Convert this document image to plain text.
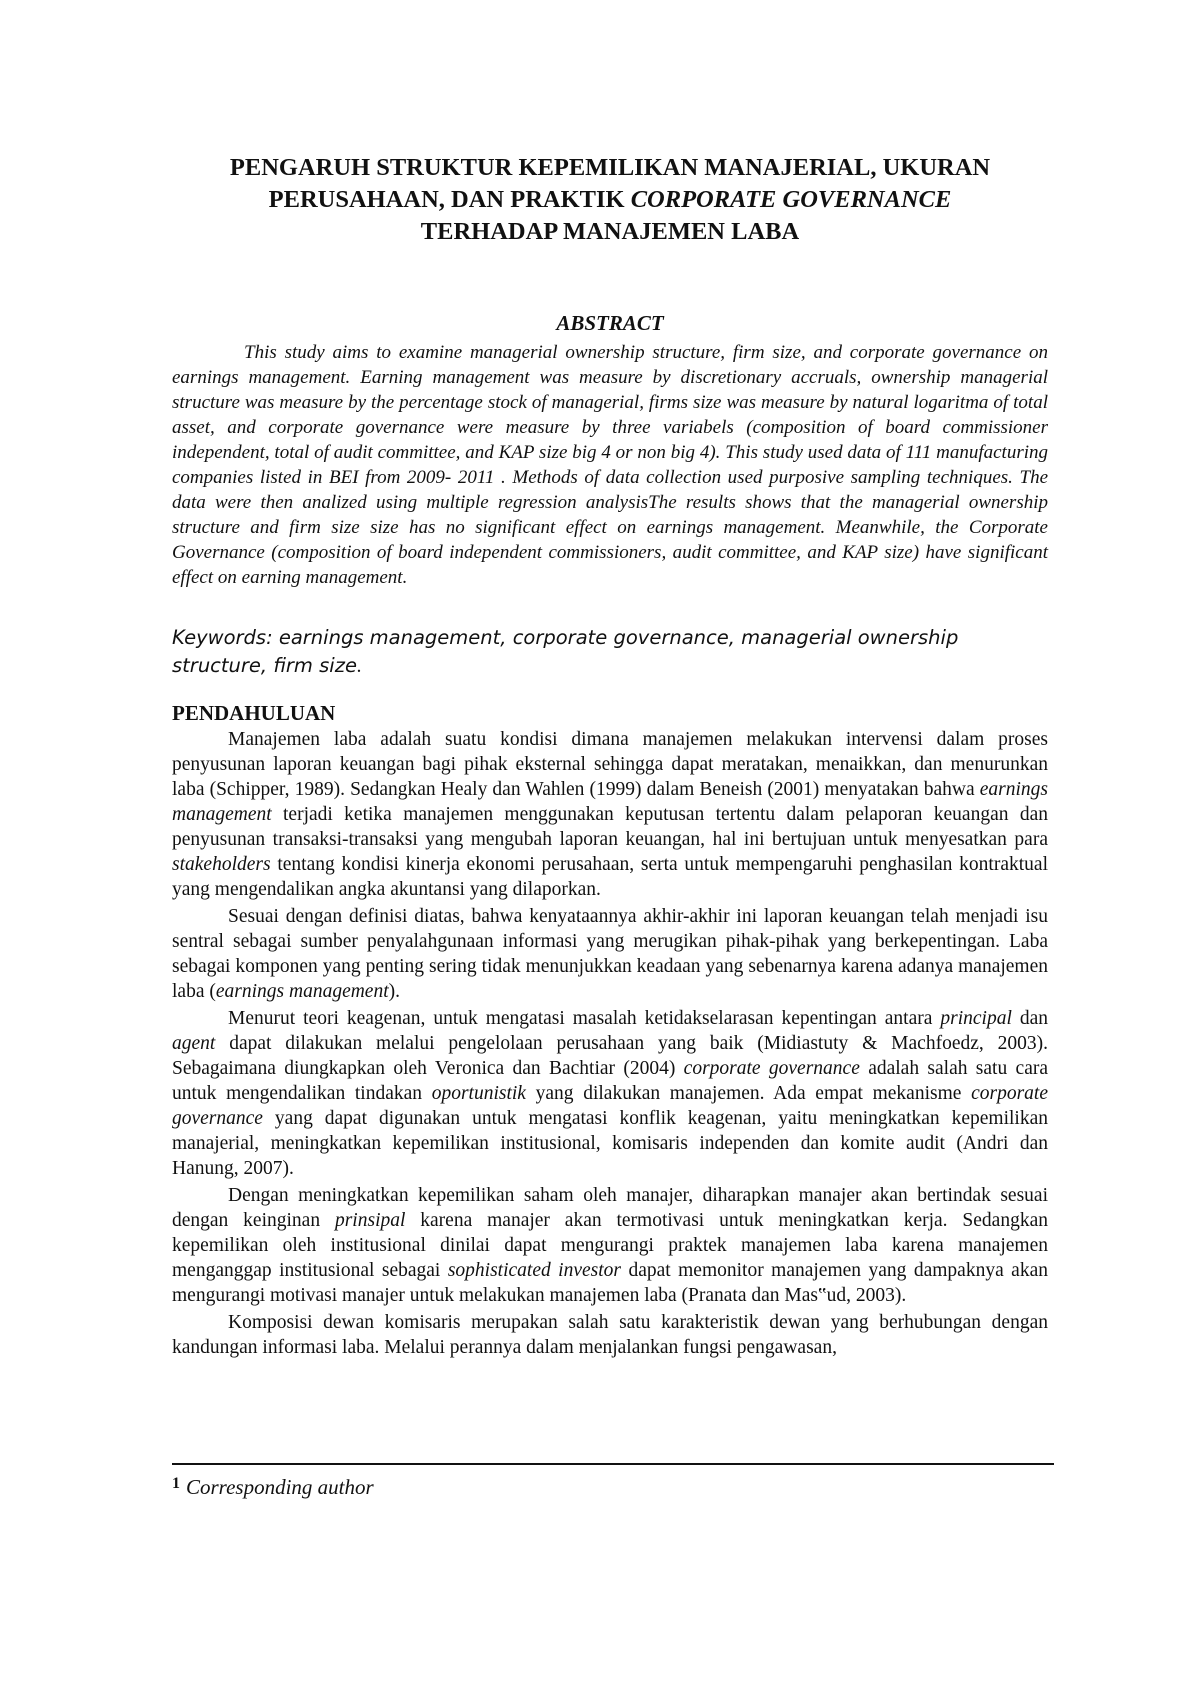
PENGARUH STRUKTUR KEPEMILIKAN MANAJERIAL, UKURAN
PERUSAHAAN, DAN PRAKTIK CORPORATE GOVERNANCE
TERHADAP MANAJEMEN LABA
ABSTRACT

This study aims to examine managerial ownership structure, firm size, and corporate governance on earnings management. Earning management was measure by discretionary accruals, ownership managerial structure was measure by the percentage stock of managerial, firms size was measure by natural logaritma of total asset, and corporate governance were measure by three variabels (composition of board commissioner independent, total of audit committee, and KAP size big 4 or non big 4). This study used data of 111 manufacturing companies listed in BEI from 2009- 2011 . Methods of data collection used purposive sampling techniques. The data were then analized using multiple regression analysisThe results shows that the managerial ownership structure and firm size size has no significant effect on earnings management. Meanwhile, the Corporate Governance (composition of board independent commissioners, audit committee, and KAP size) have significant effect on earning management.

Keywords: earnings management, corporate governance, managerial ownership structure, firm size.

PENDAHULUAN

Manajemen laba adalah suatu kondisi dimana manajemen melakukan intervensi dalam proses penyusunan laporan keuangan bagi pihak eksternal sehingga dapat meratakan, menaikkan, dan menurunkan laba (Schipper, 1989). Sedangkan Healy dan Wahlen (1999) dalam Beneish (2001) menyatakan bahwa earnings management terjadi ketika manajemen menggunakan keputusan tertentu dalam pelaporan keuangan dan penyusunan transaksi-transaksi yang mengubah laporan keuangan, hal ini bertujuan untuk menyesatkan para stakeholders tentang kondisi kinerja ekonomi perusahaan, serta untuk mempengaruhi penghasilan kontraktual yang mengendalikan angka akuntansi yang dilaporkan.

Sesuai dengan definisi diatas, bahwa kenyataannya akhir-akhir ini laporan keuangan telah menjadi isu sentral sebagai sumber penyalahgunaan informasi yang merugikan pihak-pihak yang berkepentingan. Laba sebagai komponen yang penting sering tidak menunjukkan keadaan yang sebenarnya karena adanya manajemen laba (earnings management).

Menurut teori keagenan, untuk mengatasi masalah ketidakselarasan kepentingan antara principal dan agent dapat dilakukan melalui pengelolaan perusahaan yang baik (Midiastuty & Machfoedz, 2003). Sebagaimana diungkapkan oleh Veronica dan Bachtiar (2004) corporate governance adalah salah satu cara untuk mengendalikan tindakan oportunistik yang dilakukan manajemen. Ada empat mekanisme corporate governance yang dapat digunakan untuk mengatasi konflik keagenan, yaitu meningkatkan kepemilikan manajerial, meningkatkan kepemilikan institusional, komisaris independen dan komite audit (Andri dan Hanung, 2007).

Dengan meningkatkan kepemilikan saham oleh manajer, diharapkan manajer akan bertindak sesuai dengan keinginan prinsipal karena manajer akan termotivasi untuk meningkatkan kerja. Sedangkan kepemilikan oleh institusional dinilai dapat mengurangi praktek manajemen laba karena manajemen menganggap institusional sebagai sophisticated investor dapat memonitor manajemen yang dampaknya akan mengurangi motivasi manajer untuk melakukan manajemen laba (Pranata dan Mas‟ud, 2003).

Komposisi dewan komisaris merupakan salah satu karakteristik dewan yang berhubungan dengan kandungan informasi laba. Melalui perannya dalam menjalankan fungsi pengawasan,

$^1$ Corresponding author
